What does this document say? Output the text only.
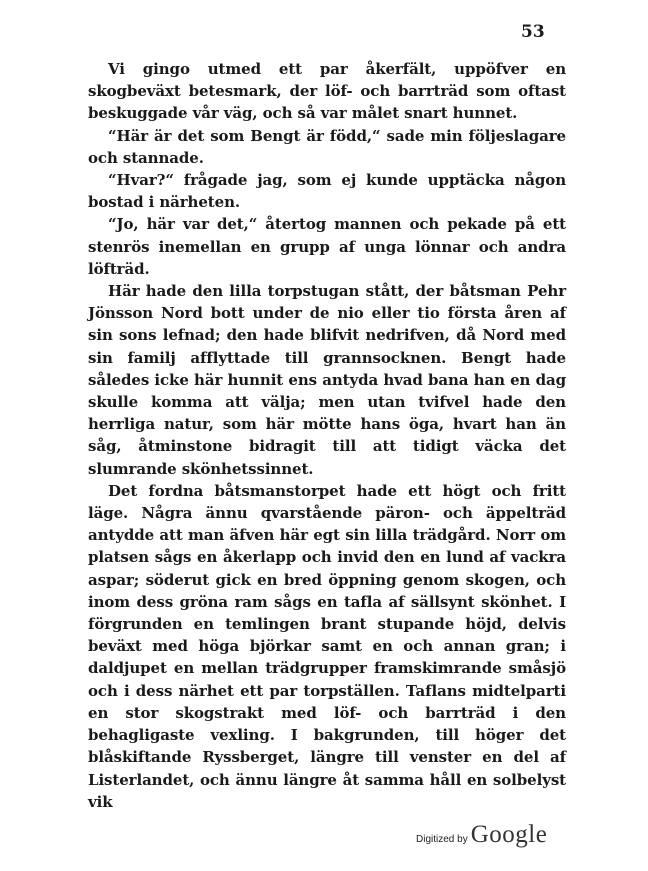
53

Vi gingo utmed ett par åkerfält, uppöfver en skogbeväxt betesmark, der löf- och barrträd som oftast beskuggade vår väg, och så var målet snart hunnet.

“Här är det som Bengt är född,“ sade min följeslagare och stannade.

“Hvar?“ frågade jag, som ej kunde upptäcka någon bostad i närheten.

“Jo, här var det,“ återtog mannen och pekade på ett stenrös inemellan en grupp af unga lönnar och andra löfträd.

Här hade den lilla torpstugan stått, der båtsman Pehr Jönsson Nord bott under de nio eller tio första åren af sin sons lefnad; den hade blifvit nedrifven, då Nord med sin familj afflyttade till grannsocknen. Bengt hade således icke här hunnit ens antyda hvad bana han en dag skulle komma att välja; men utan tvifvel hade den herrliga natur, som här mötte hans öga, hvart han än såg, åtminstone bidragit till att tidigt väcka det slumrande skönhetssinnet.

Det fordna båtsmanstorpet hade ett högt och fritt läge. Några ännu qvarstående päron- och äppelträd antydde att man äfven här egt sin lilla trädgård. Norr om platsen sågs en åkerlapp och invid den en lund af vackra aspar; söderut gick en bred öppning genom skogen, och inom dess gröna ram sågs en tafla af sällsynt skönhet. I förgrunden en temlingen brant stupande höjd, delvis beväxt med höga björkar samt en och annan gran; i daldjupet en mellan trädgrupper framskimrande småsjö och i dess närhet ett par torpställen. Taflans midtelparti en stor skogstrakt med löf- och barrträd i den behagligaste vexling. I bakgrunden, till höger det blåskiftande Ryssberget, längre till venster en del af Listerlandet, och ännu längre åt samma håll en solbelyst vik

Digitized by Google
